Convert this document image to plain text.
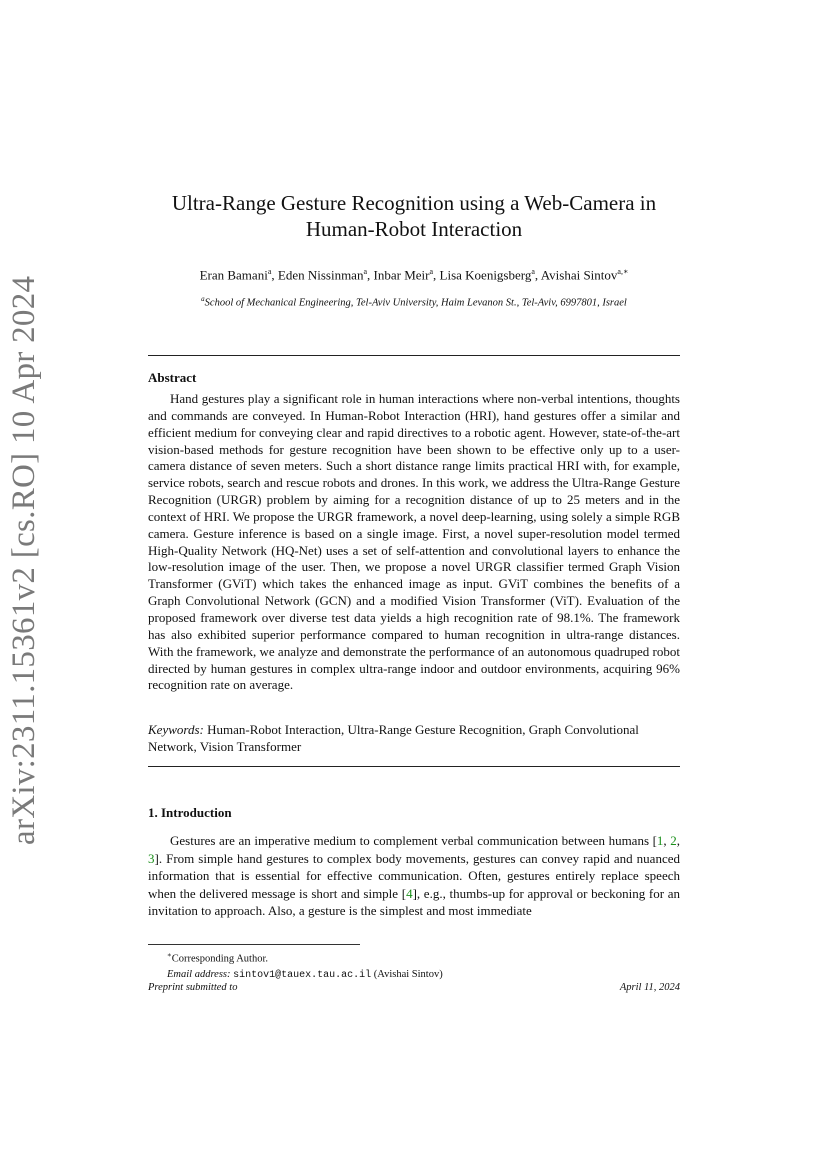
arXiv:2311.15361v2 [cs.RO] 10 Apr 2024
Ultra-Range Gesture Recognition using a Web-Camera in
Human-Robot Interaction
Eran Bamani$^a$, Eden Nissinman$^a$, Inbar Meir$^a$, Lisa Koenigsberg$^a$, Avishai Sintov$^{a,∗}$
$^a$School of Mechanical Engineering, Tel-Aviv University, Haim Levanon St., Tel-Aviv, 6997801, Israel
Abstract
Hand gestures play a significant role in human interactions where non-verbal intentions, thoughts and commands are conveyed. In Human-Robot Interaction (HRI), hand gestures offer a similar and efficient medium for conveying clear and rapid directives to a robotic agent. However, state-of-the-art vision-based methods for gesture recognition have been shown to be effective only up to a user-camera distance of seven meters. Such a short distance range limits practical HRI with, for example, service robots, search and rescue robots and drones. In this work, we address the Ultra-Range Gesture Recognition (URGR) problem by aiming for a recognition distance of up to 25 meters and in the context of HRI. We propose the URGR framework, a novel deep-learning, using solely a simple RGB camera. Gesture inference is based on a single image. First, a novel super-resolution model termed High-Quality Network (HQ-Net) uses a set of self-attention and convolutional layers to enhance the low-resolution image of the user. Then, we propose a novel URGR classifier termed Graph Vision Transformer (GViT) which takes the enhanced image as input. GViT combines the benefits of a Graph Convolutional Network (GCN) and a modified Vision Transformer (ViT). Evaluation of the proposed framework over diverse test data yields a high recognition rate of 98.1%. The framework has also exhibited superior performance compared to human recognition in ultra-range distances. With the framework, we analyze and demonstrate the performance of an autonomous quadruped robot directed by human gestures in complex ultra-range indoor and outdoor environments, acquiring 96% recognition rate on average.
Keywords: Human-Robot Interaction, Ultra-Range Gesture Recognition, Graph Convolutional Network, Vision Transformer
1. Introduction
Gestures are an imperative medium to complement verbal communication between humans [1, 2, 3]. From simple hand gestures to complex body movements, gestures can convey rapid and nuanced information that is essential for effective communication. Often, gestures entirely replace speech when the delivered message is short and simple [4], e.g., thumbs-up for approval or beckoning for an invitation to approach. Also, a gesture is the simplest and most immediate
∗Corresponding Author.
Email address: sintov1@tauex.tau.ac.il (Avishai Sintov)
Preprint submitted to	April 11, 2024
